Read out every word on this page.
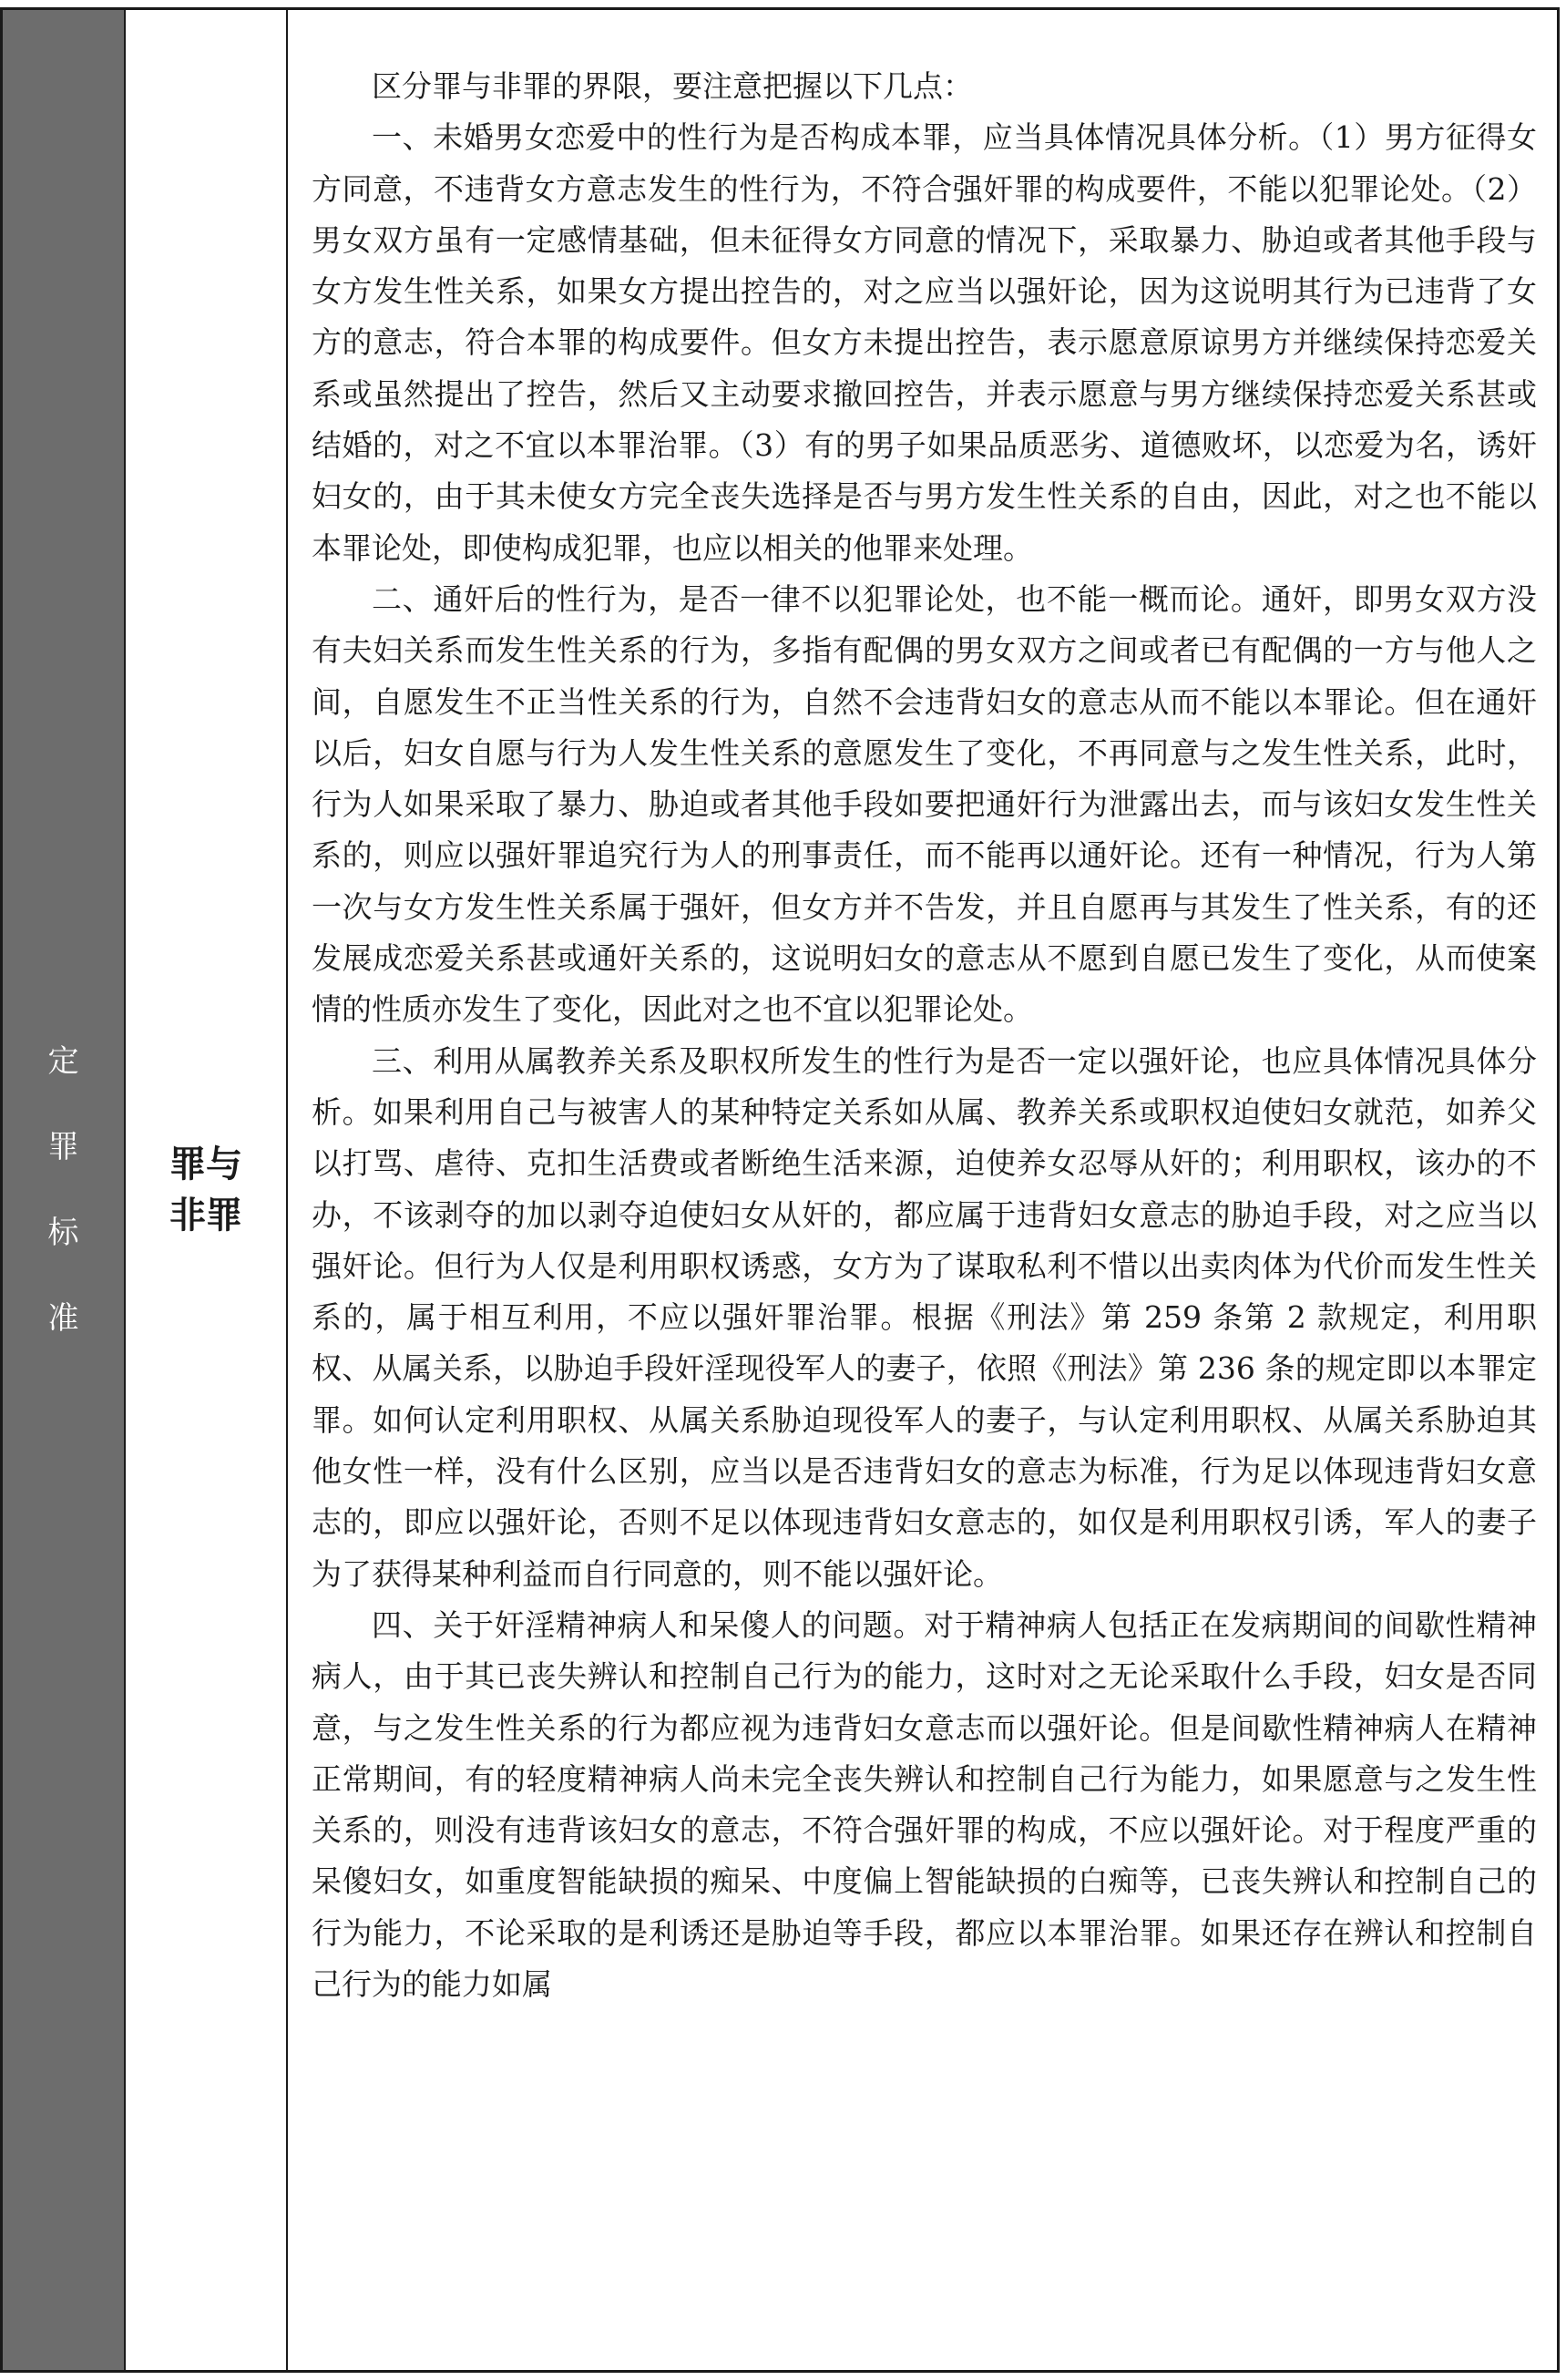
定
罪
标
准
罪与
非罪

区分罪与非罪的界限，要注意把握以下几点：

一、未婚男女恋爱中的性行为是否构成本罪，应当具体情况具体分析。（1）男方征得女方同意，不违背女方意志发生的性行为，不符合强奸罪的构成要件，不能以犯罪论处。（2）男女双方虽有一定感情基础，但未征得女方同意的情况下，采取暴力、胁迫或者其他手段与女方发生性关系，如果女方提出控告的，对之应当以强奸论，因为这说明其行为已违背了女方的意志，符合本罪的构成要件。但女方未提出控告，表示愿意原谅男方并继续保持恋爱关系或虽然提出了控告，然后又主动要求撤回控告，并表示愿意与男方继续保持恋爱关系甚或结婚的，对之不宜以本罪治罪。（3）有的男子如果品质恶劣、道德败坏，以恋爱为名，诱奸妇女的，由于其未使女方完全丧失选择是否与男方发生性关系的自由，因此，对之也不能以本罪论处，即使构成犯罪，也应以相关的他罪来处理。

二、通奸后的性行为，是否一律不以犯罪论处，也不能一概而论。通奸，即男女双方没有夫妇关系而发生性关系的行为，多指有配偶的男女双方之间或者已有配偶的一方与他人之间，自愿发生不正当性关系的行为，自然不会违背妇女的意志从而不能以本罪论。但在通奸以后，妇女自愿与行为人发生性关系的意愿发生了变化，不再同意与之发生性关系，此时，行为人如果采取了暴力、胁迫或者其他手段如要把通奸行为泄露出去，而与该妇女发生性关系的，则应以强奸罪追究行为人的刑事责任，而不能再以通奸论。还有一种情况，行为人第一次与女方发生性关系属于强奸，但女方并不告发，并且自愿再与其发生了性关系，有的还发展成恋爱关系甚或通奸关系的，这说明妇女的意志从不愿到自愿已发生了变化，从而使案情的性质亦发生了变化，因此对之也不宜以犯罪论处。

三、利用从属教养关系及职权所发生的性行为是否一定以强奸论，也应具体情况具体分析。如果利用自己与被害人的某种特定关系如从属、教养关系或职权迫使妇女就范，如养父以打骂、虐待、克扣生活费或者断绝生活来源，迫使养女忍辱从奸的；利用职权，该办的不办，不该剥夺的加以剥夺迫使妇女从奸的，都应属于违背妇女意志的胁迫手段，对之应当以强奸论。但行为人仅是利用职权诱惑，女方为了谋取私利不惜以出卖肉体为代价而发生性关系的，属于相互利用，不应以强奸罪治罪。根据《刑法》第 259 条第 2 款规定，利用职权、从属关系，以胁迫手段奸淫现役军人的妻子，依照《刑法》第 236 条的规定即以本罪定罪。如何认定利用职权、从属关系胁迫现役军人的妻子，与认定利用职权、从属关系胁迫其他女性一样，没有什么区别，应当以是否违背妇女的意志为标准，行为足以体现违背妇女意志的，即应以强奸论，否则不足以体现违背妇女意志的，如仅是利用职权引诱，军人的妻子为了获得某种利益而自行同意的，则不能以强奸论。

四、关于奸淫精神病人和呆傻人的问题。对于精神病人包括正在发病期间的间歇性精神病人，由于其已丧失辨认和控制自己行为的能力，这时对之无论采取什么手段，妇女是否同意，与之发生性关系的行为都应视为违背妇女意志而以强奸论。但是间歇性精神病人在精神正常期间，有的轻度精神病人尚未完全丧失辨认和控制自己行为能力，如果愿意与之发生性关系的，则没有违背该妇女的意志，不符合强奸罪的构成，不应以强奸论。对于程度严重的呆傻妇女，如重度智能缺损的痴呆、中度偏上智能缺损的白痴等，已丧失辨认和控制自己的行为能力，不论采取的是利诱还是胁迫等手段，都应以本罪治罪。如果还存在辨认和控制自己行为的能力如属
